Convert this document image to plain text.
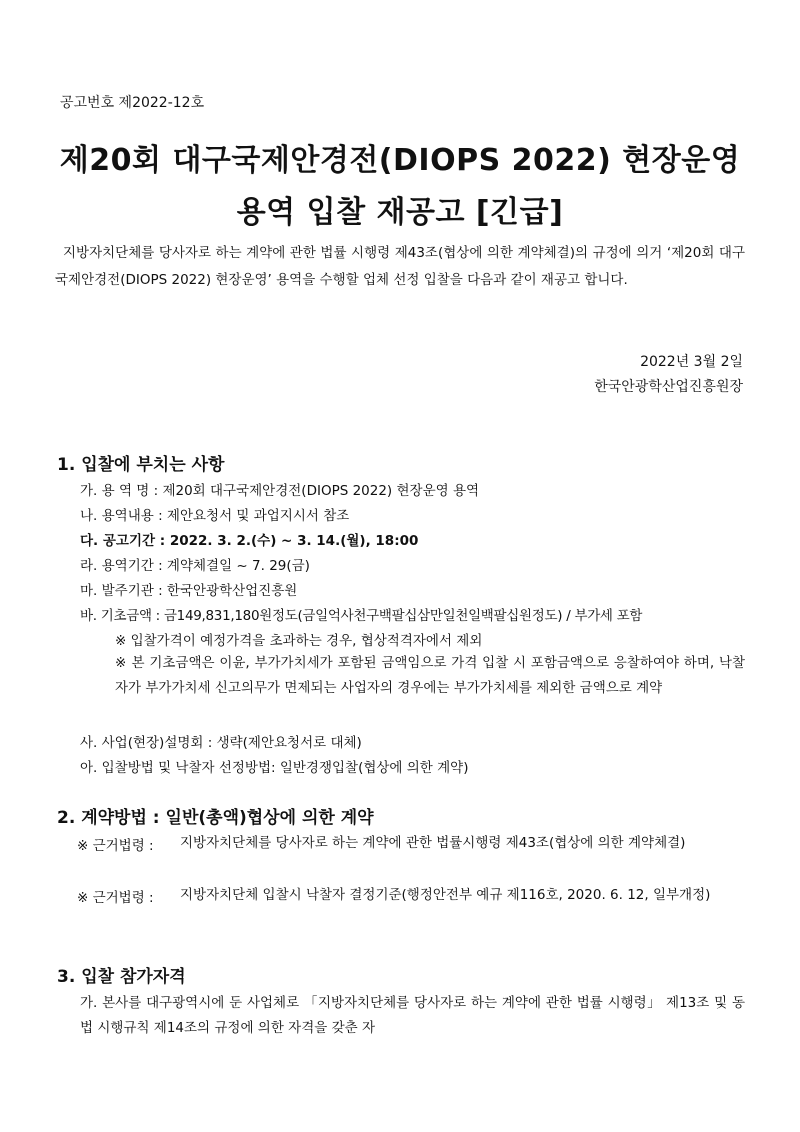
공고번호 제2022-12호
제20회 대구국제안경전(DIOPS 2022) 현장운영
용역 입찰 재공고 [긴급]
지방자치단체를 당사자로 하는 계약에 관한 법률 시행령 제43조(협상에 의한 계약체결)의 규정에 의거 ‘제20회 대구국제안경전(DIOPS 2022) 현장운영’ 용역을 수행할 업체 선정 입찰을 다음과 같이 재공고 합니다.
2022년 3월 2일
한국안광학산업진흥원장
1. 입찰에 부치는 사항
가. 용 역 명 : 제20회 대구국제안경전(DIOPS 2022) 현장운영 용역
나. 용역내용 : 제안요청서 및 과업지시서 참조
다. 공고기간 : 2022. 3. 2.(수) ~ 3. 14.(월), 18:00
라. 용역기간 : 계약체결일 ~ 7. 29(금)
마. 발주기관 : 한국안광학산업진흥원
바. 기초금액 : 금149,831,180원정도(금일억사천구백팔십삼만일천일백팔십원정도) / 부가세 포함
※ 입찰가격이 예정가격을 초과하는 경우, 협상적격자에서 제외
※ 본 기초금액은 이윤, 부가가치세가 포함된 금액임으로 가격 입찰 시 포함금액으로 응찰하여야 하며, 낙찰자가 부가가치세 신고의무가 면제되는 사업자의 경우에는 부가가치세를 제외한 금액으로 계약
사. 사업(현장)설명회 : 생략(제안요청서로 대체)
아. 입찰방법 및 낙찰자 선정방법: 일반경쟁입찰(협상에 의한 계약)
2. 계약방법 : 일반(총액)협상에 의한 계약
※ 근거법령 : 지방자치단체를 당사자로 하는 계약에 관한 법률시행령 제43조(협상에 의한 계약체결)
※ 근거법령 : 지방자치단체 입찰시 낙찰자 결정기준(행정안전부 예규 제116호, 2020. 6. 12, 일부개정)
3. 입찰 참가자격
가. 본사를 대구광역시에 둔 사업체로 「지방자치단체를 당사자로 하는 계약에 관한 법률 시행령」 제13조 및 동법 시행규칙 제14조의 규정에 의한 자격을 갖춘 자
